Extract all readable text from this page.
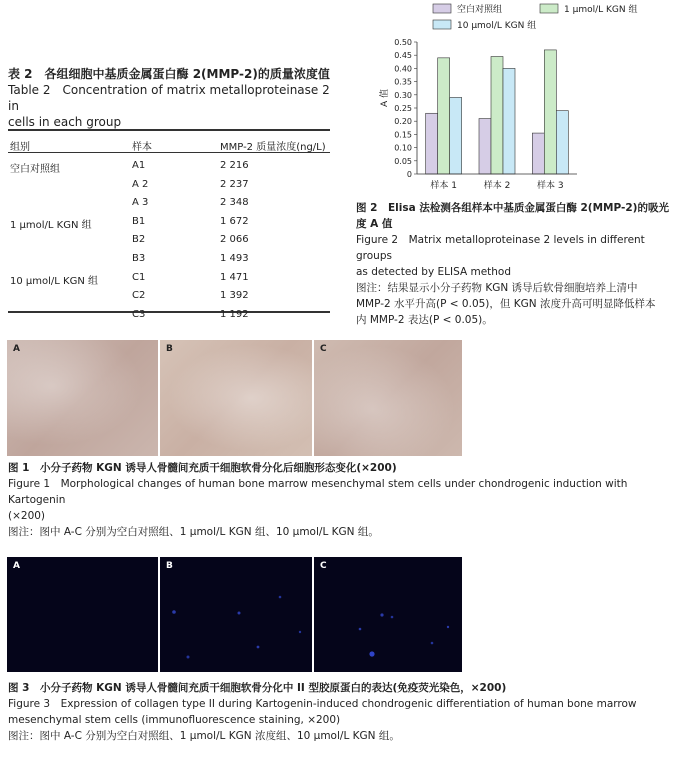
表 2　各组细胞中基质金属蛋白酶 2(MMP-2)的质量浓度值
Table 2　Concentration of matrix metalloproteinase 2 in
cells in each group
组别	样本	MMP-2 质量浓度(ng/L)
空白对照组	A1	2 216
A 2	2 237
A 3	2 348
1 μmol/L KGN 组	B1	1 672
B2	2 066
B3	1 493
10 μmol/L KGN 组	C1	1 471
C2	1 392
C3	1 192
空白对照组	1 μmol/L KGN 组
10 μmol/L KGN 组
A 值
0
0.05
0.10
0.15
0.20
0.25
0.30
0.35
0.40
0.45
0.50
样本 1	样本 2	样本 3
图 2　Elisa 法检测各组样本中基质金属蛋白酶 2(MMP-2)的吸光
度 A 值
Figure 2　Matrix metalloproteinase 2 levels in different groups
as detected by ELISA method
图注：结果显示小分子药物 KGN 诱导后软骨细胞培养上清中
MMP-2 水平升高(P < 0.05)，但 KGN 浓度升高可明显降低样本
内 MMP-2 表达(P < 0.05)。
A	B	C
图 1　小分子药物 KGN 诱导人骨髓间充质干细胞软骨分化后细胞形态变化(×200)
Figure 1　Morphological changes of human bone marrow mesenchymal stem cells under chondrogenic induction with Kartogenin
(×200)
图注：图中 A-C 分别为空白对照组、1 μmol/L KGN 组、10 μmol/L KGN 组。
A	B	C
图 3　小分子药物 KGN 诱导人骨髓间充质干细胞软骨分化中 II 型胶原蛋白的表达(免疫荧光染色，×200)
Figure 3　Expression of collagen type II during Kartogenin-induced chondrogenic differentiation of human bone marrow
mesenchymal stem cells (immunofluorescence staining, ×200)
图注：图中 A-C 分别为空白对照组、1 μmol/L KGN 浓度组、10 μmol/L KGN 组。
